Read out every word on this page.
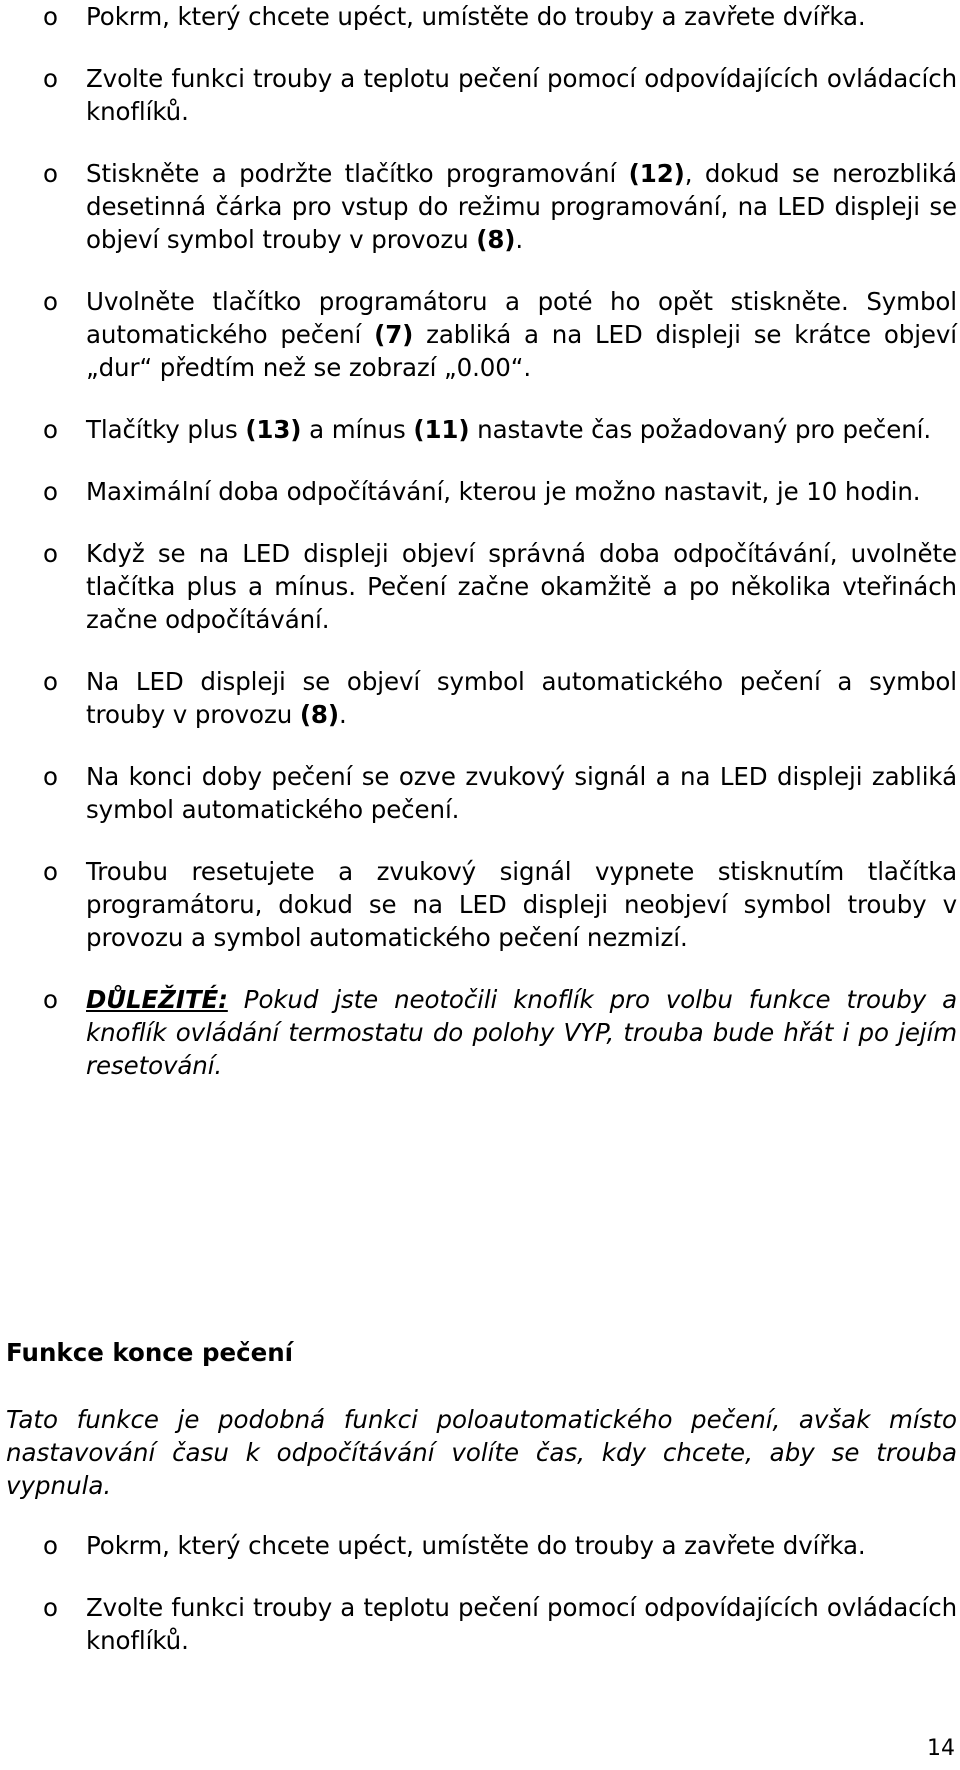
o Pokrm, který chcete upéct, umístěte do trouby a zavřete dvířka.
o Zvolte funkci trouby a teplotu pečení pomocí odpovídajících ovládacích knoflíků.
o Stiskněte a podržte tlačítko programování (12), dokud se nerozbliká desetinná čárka pro vstup do režimu programování, na LED displeji se objeví symbol trouby v provozu (8).
o Uvolněte tlačítko programátoru a poté ho opět stiskněte. Symbol automatického pečení (7) zabliká a na LED displeji se krátce objeví „dur“ předtím než se zobrazí „0.00“.
o Tlačítky plus (13) a mínus (11) nastavte čas požadovaný pro pečení.
o Maximální doba odpočítávání, kterou je možno nastavit, je 10 hodin.
o Když se na LED displeji objeví správná doba odpočítávání, uvolněte tlačítka plus a mínus. Pečení začne okamžitě a po několika vteřinách začne odpočítávání.
o Na LED displeji se objeví symbol automatického pečení a symbol trouby v provozu (8).
o Na konci doby pečení se ozve zvukový signál a na LED displeji zabliká symbol automatického pečení.
o Troubu resetujete a zvukový signál vypnete stisknutím tlačítka programátoru, dokud se na LED displeji neobjeví symbol trouby v provozu a symbol automatického pečení nezmizí.
o DŮLEŽITÉ: Pokud jste neotočili knoflík pro volbu funkce trouby a knoflík ovládání termostatu do polohy VYP, trouba bude hřát i po jejím resetování.
Funkce konce pečení

Tato funkce je podobná funkci poloautomatického pečení, avšak místo nastavování času k odpočítávání volíte čas, kdy chcete, aby se trouba vypnula.

o Pokrm, který chcete upéct, umístěte do trouby a zavřete dvířka.
o Zvolte funkci trouby a teplotu pečení pomocí odpovídajících ovládacích knoflíků.
14
